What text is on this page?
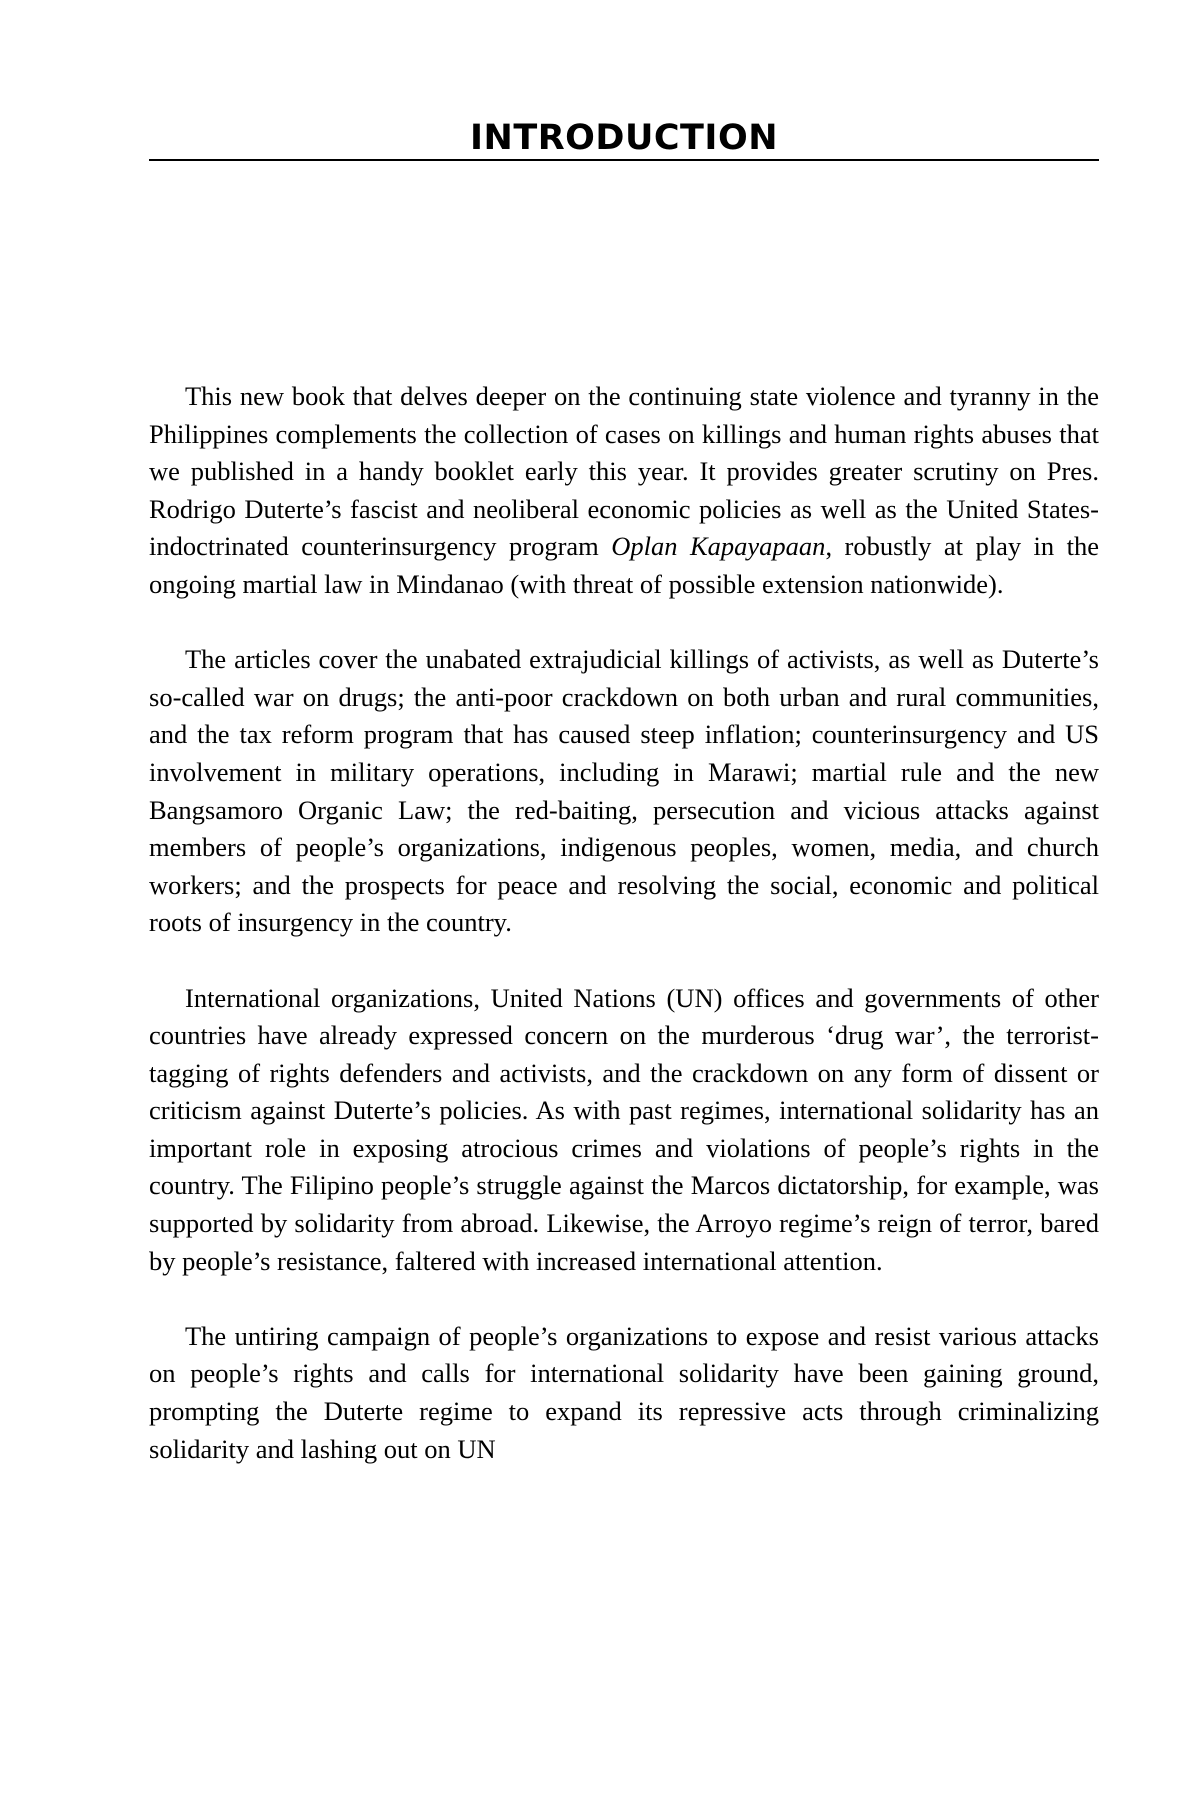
INTRODUCTION

This new book that delves deeper on the continuing state violence and tyranny in the Philippines complements the collection of cases on killings and human rights abuses that we published in a handy booklet early this year. It provides greater scrutiny on Pres. Rodrigo Duterte’s fascist and neoliberal economic policies as well as the United States-indoctrinated counterinsurgency program Oplan Kapayapaan, robustly at play in the ongoing martial law in Mindanao (with threat of possible extension nationwide).

The articles cover the unabated extrajudicial killings of activists, as well as Duterte’s so-called war on drugs; the anti-poor crackdown on both urban and rural communities, and the tax reform program that has caused steep inflation; counterinsurgency and US involvement in military operations, including in Marawi; martial rule and the new Bangsamoro Organic Law; the red-baiting, persecution and vicious attacks against members of people’s organizations, indigenous peoples, women, media, and church workers; and the prospects for peace and resolving the social, economic and political roots of insurgency in the country.

International organizations, United Nations (UN) offices and governments of other countries have already expressed concern on the murderous ‘drug war’, the terrorist-tagging of rights defenders and activists, and the crackdown on any form of dissent or criticism against Duterte’s policies. As with past regimes, international solidarity has an important role in exposing atrocious crimes and violations of people’s rights in the country. The Filipino people’s struggle against the Marcos dictatorship, for example, was supported by solidarity from abroad. Likewise, the Arroyo regime’s reign of terror, bared by people’s resistance, faltered with increased international attention.

The untiring campaign of people’s organizations to expose and resist various attacks on people’s rights and calls for international solidarity have been gaining ground, prompting the Duterte regime to expand its repressive acts through criminalizing solidarity and lashing out on UN
